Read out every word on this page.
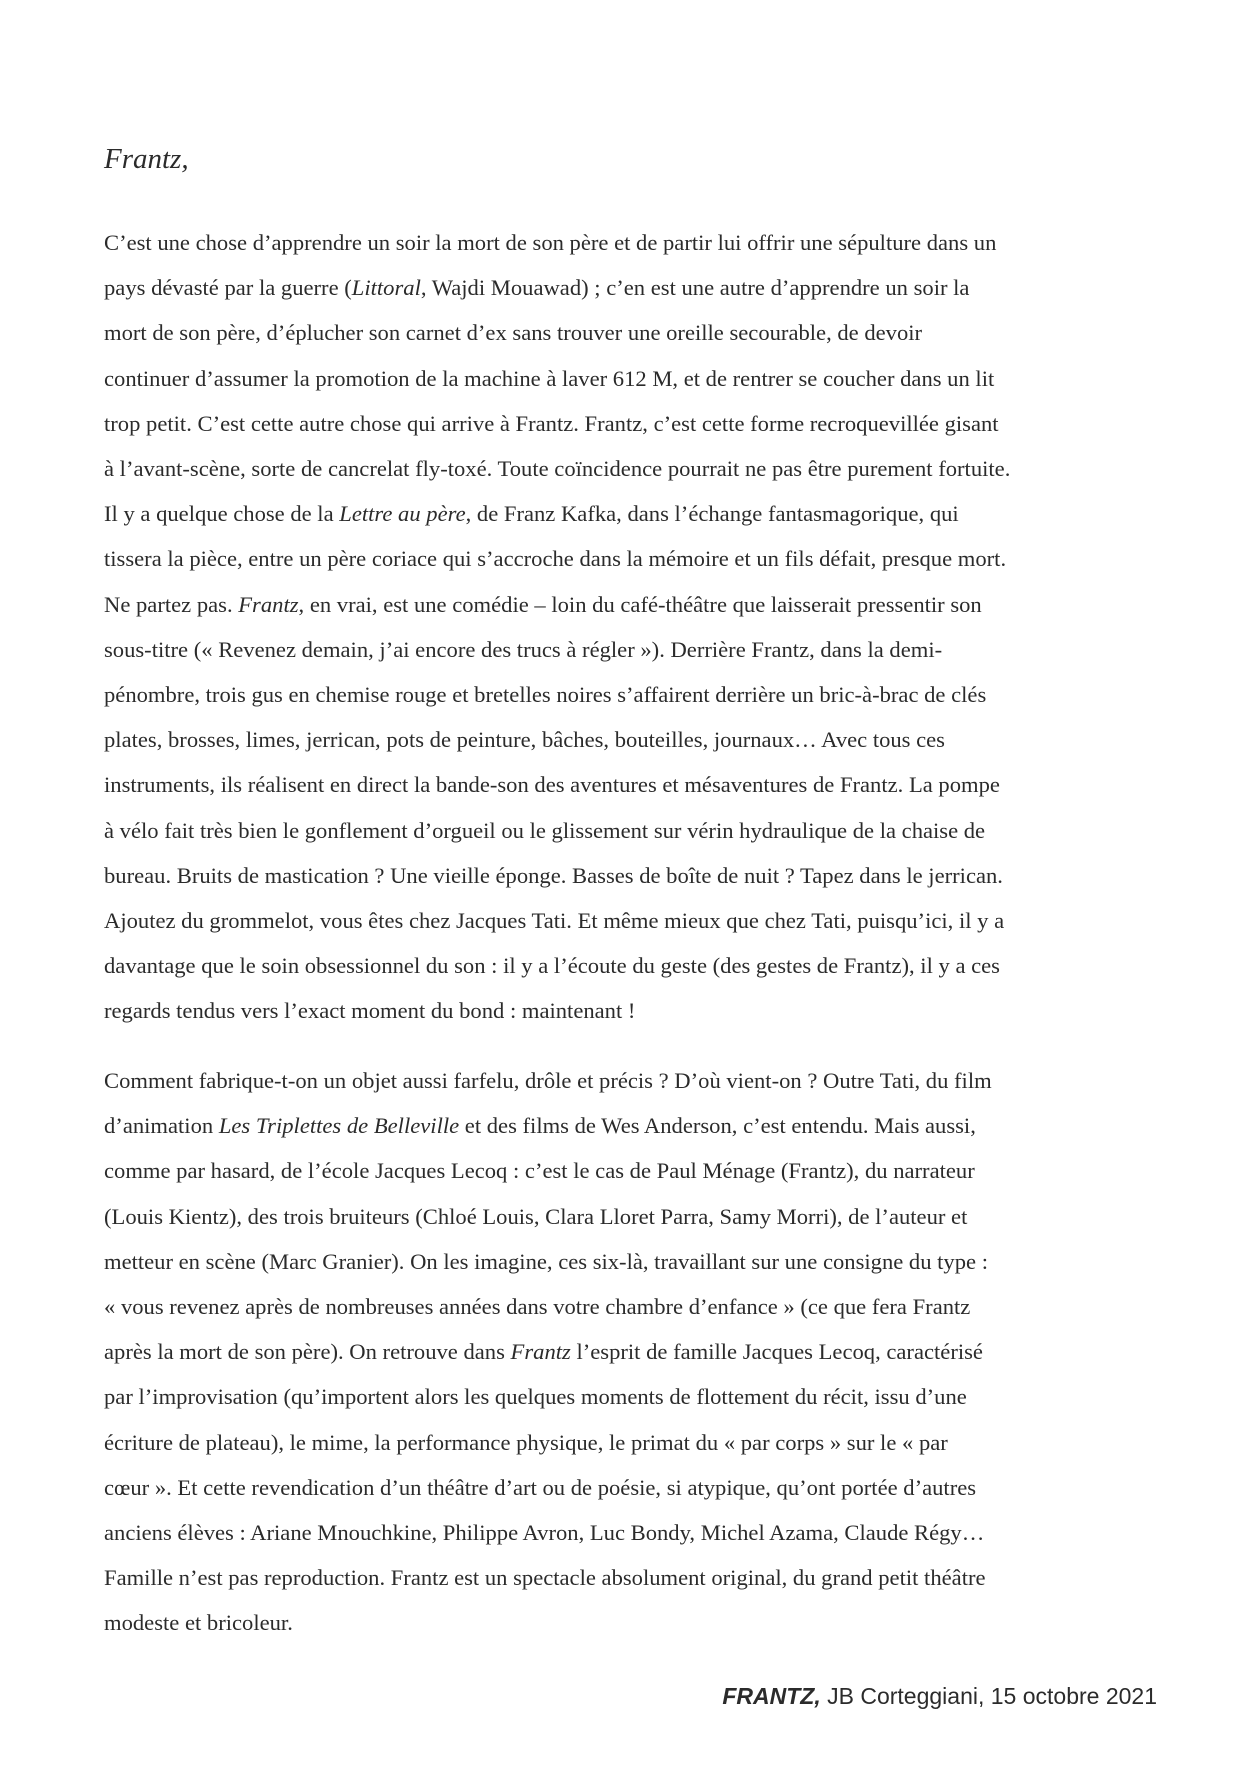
Frantz,
C’est une chose d’apprendre un soir la mort de son père et de partir lui offrir une sépulture dans un
pays dévasté par la guerre (Littoral, Wajdi Mouawad) ; c’en est une autre d’apprendre un soir la
mort de son père, d’éplucher son carnet d’ex sans trouver une oreille secourable, de devoir
continuer d’assumer la promotion de la machine à laver 612 M, et de rentrer se coucher dans un lit
trop petit. C’est cette autre chose qui arrive à Frantz. Frantz, c’est cette forme recroquevillée gisant
à l’avant-scène, sorte de cancrelat fly-toxé. Toute coïncidence pourrait ne pas être purement fortuite.
Il y a quelque chose de la Lettre au père, de Franz Kafka, dans l’échange fantasmagorique, qui
tissera la pièce, entre un père coriace qui s’accroche dans la mémoire et un fils défait, presque mort.
Ne partez pas. Frantz, en vrai, est une comédie – loin du café-théâtre que laisserait pressentir son
sous-titre (« Revenez demain, j’ai encore des trucs à régler »). Derrière Frantz, dans la demi-
pénombre, trois gus en chemise rouge et bretelles noires s’affairent derrière un bric-à-brac de clés
plates, brosses, limes, jerrican, pots de peinture, bâches, bouteilles, journaux… Avec tous ces
instruments, ils réalisent en direct la bande-son des aventures et mésaventures de Frantz. La pompe
à vélo fait très bien le gonflement d’orgueil ou le glissement sur vérin hydraulique de la chaise de
bureau. Bruits de mastication ? Une vieille éponge. Basses de boîte de nuit ? Tapez dans le jerrican.
Ajoutez du grommelot, vous êtes chez Jacques Tati. Et même mieux que chez Tati, puisqu’ici, il y a
davantage que le soin obsessionnel du son : il y a l’écoute du geste (des gestes de Frantz), il y a ces
regards tendus vers l’exact moment du bond : maintenant !
Comment fabrique-t-on un objet aussi farfelu, drôle et précis ? D’où vient-on ? Outre Tati, du film
d’animation Les Triplettes de Belleville et des films de Wes Anderson, c’est entendu. Mais aussi,
comme par hasard, de l’école Jacques Lecoq : c’est le cas de Paul Ménage (Frantz), du narrateur
(Louis Kientz), des trois bruiteurs (Chloé Louis, Clara Lloret Parra, Samy Morri), de l’auteur et
metteur en scène (Marc Granier). On les imagine, ces six-là, travaillant sur une consigne du type :
« vous revenez après de nombreuses années dans votre chambre d’enfance » (ce que fera Frantz
après la mort de son père). On retrouve dans Frantz l’esprit de famille Jacques Lecoq, caractérisé
par l’improvisation (qu’importent alors les quelques moments de flottement du récit, issu d’une
écriture de plateau), le mime, la performance physique, le primat du « par corps » sur le « par
cœur ». Et cette revendication d’un théâtre d’art ou de poésie, si atypique, qu’ont portée d’autres
anciens élèves : Ariane Mnouchkine, Philippe Avron, Luc Bondy, Michel Azama, Claude Régy…
Famille n’est pas reproduction. Frantz est un spectacle absolument original, du grand petit théâtre
modeste et bricoleur.
FRANTZ, JB Corteggiani, 15 octobre 2021
